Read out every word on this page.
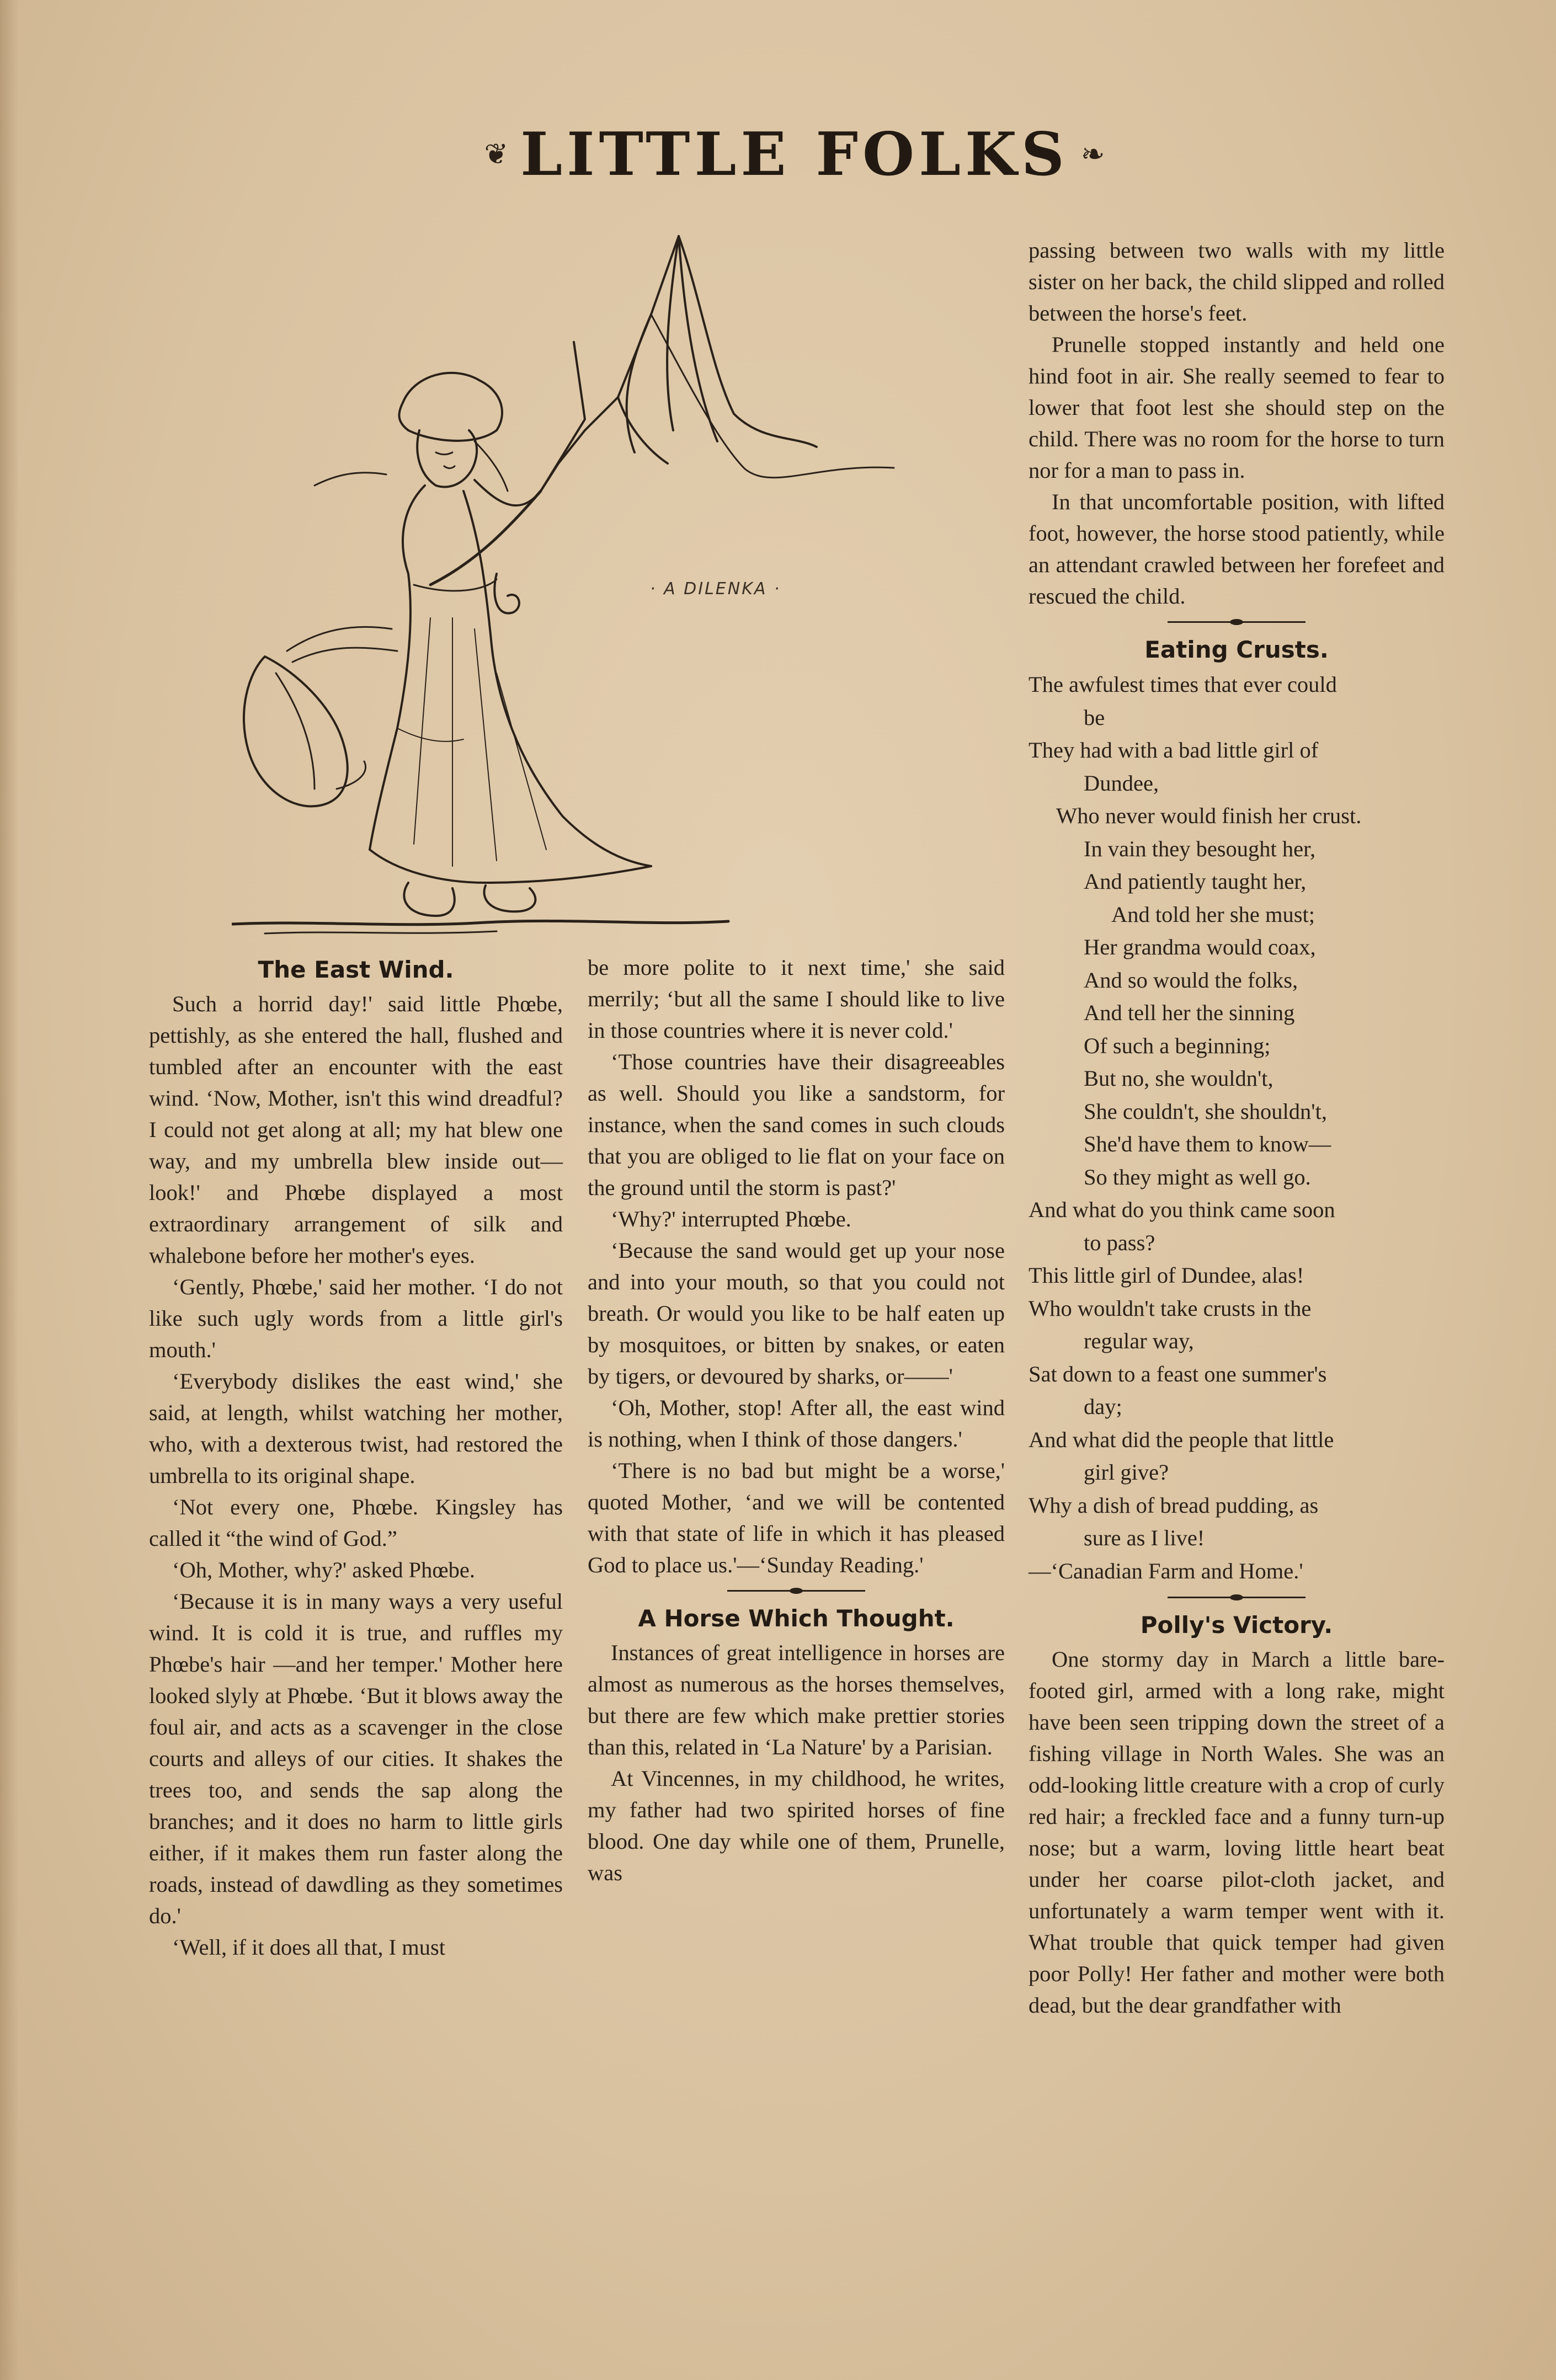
❦ LITTLE FOLKS ❧
· A DILENKA ·
The East Wind.

Such a horrid day!' said little Phœbe, pettishly, as she entered the hall, flushed and tumbled after an encounter with the east wind. ‘Now, Mother, isn't this wind dreadful? I could not get along at all; my hat blew one way, and my umbrella blew inside out—look!' and Phœbe displayed a most extraordinary arrangement of silk and whalebone before her mother's eyes.

‘Gently, Phœbe,' said her mother. ‘I do not like such ugly words from a little girl's mouth.'

‘Everybody dislikes the east wind,' she said, at length, whilst watching her mother, who, with a dexterous twist, had restored the umbrella to its original shape.

‘Not every one, Phœbe. Kingsley has called it “the wind of God.”

‘Oh, Mother, why?' asked Phœbe.

‘Because it is in many ways a very useful wind. It is cold it is true, and ruffles my Phœbe's hair —and her temper.' Mother here looked slyly at Phœbe. ‘But it blows away the foul air, and acts as a scavenger in the close courts and alleys of our cities. It shakes the trees too, and sends the sap along the branches; and it does no harm to little girls either, if it makes them run faster along the roads, instead of dawdling as they sometimes do.'

‘Well, if it does all that, I must

be more polite to it next time,' she said merrily; ‘but all the same I should like to live in those countries where it is never cold.'

‘Those countries have their disagreeables as well. Should you like a sandstorm, for instance, when the sand comes in such clouds that you are obliged to lie flat on your face on the ground until the storm is past?'

‘Why?' interrupted Phœbe.

‘Because the sand would get up your nose and into your mouth, so that you could not breath. Or would you like to be half eaten up by mosquitoes, or bitten by snakes, or eaten by tigers, or devoured by sharks, or——'

‘Oh, Mother, stop! After all, the east wind is nothing, when I think of those dangers.'

‘There is no bad but might be a worse,' quoted Mother, ‘and we will be contented with that state of life in which it has pleased God to place us.'—‘Sunday Reading.'

A Horse Which Thought.

Instances of great intelligence in horses are almost as numerous as the horses themselves, but there are few which make prettier stories than this, related in ‘La Nature' by a Parisian.

At Vincennes, in my childhood, he writes, my father had two spirited horses of fine blood. One day while one of them, Prunelle, was

passing between two walls with my little sister on her back, the child slipped and rolled between the horse's feet.

Prunelle stopped instantly and held one hind foot in air. She really seemed to fear to lower that foot lest she should step on the child. There was no room for the horse to turn nor for a man to pass in.

In that uncomfortable position, with lifted foot, however, the horse stood patiently, while an attendant crawled between her forefeet and rescued the child.

Eating Crusts.
The awfulest times that ever could
be
They had with a bad little girl of
Dundee,
Who never would finish her crust.
In vain they besought her,
And patiently taught her,
And told her she must;
Her grandma would coax,
And so would the folks,
And tell her the sinning
Of such a beginning;
But no, she wouldn't,
She couldn't, she shouldn't,
She'd have them to know—
So they might as well go.
And what do you think came soon
to pass?
This little girl of Dundee, alas!
Who wouldn't take crusts in the
regular way,
Sat down to a feast one summer's
day;
And what did the people that little
girl give?
Why a dish of bread pudding, as
sure as I live!
—‘Canadian Farm and Home.'
Polly's Victory.

One stormy day in March a little bare-footed girl, armed with a long rake, might have been seen tripping down the street of a fishing village in North Wales. She was an odd-looking little creature with a crop of curly red hair; a freckled face and a funny turn-up nose; but a warm, loving little heart beat under her coarse pilot-cloth jacket, and unfortunately a warm temper went with it. What trouble that quick temper had given poor Polly! Her father and mother were both dead, but the dear grandfather with
